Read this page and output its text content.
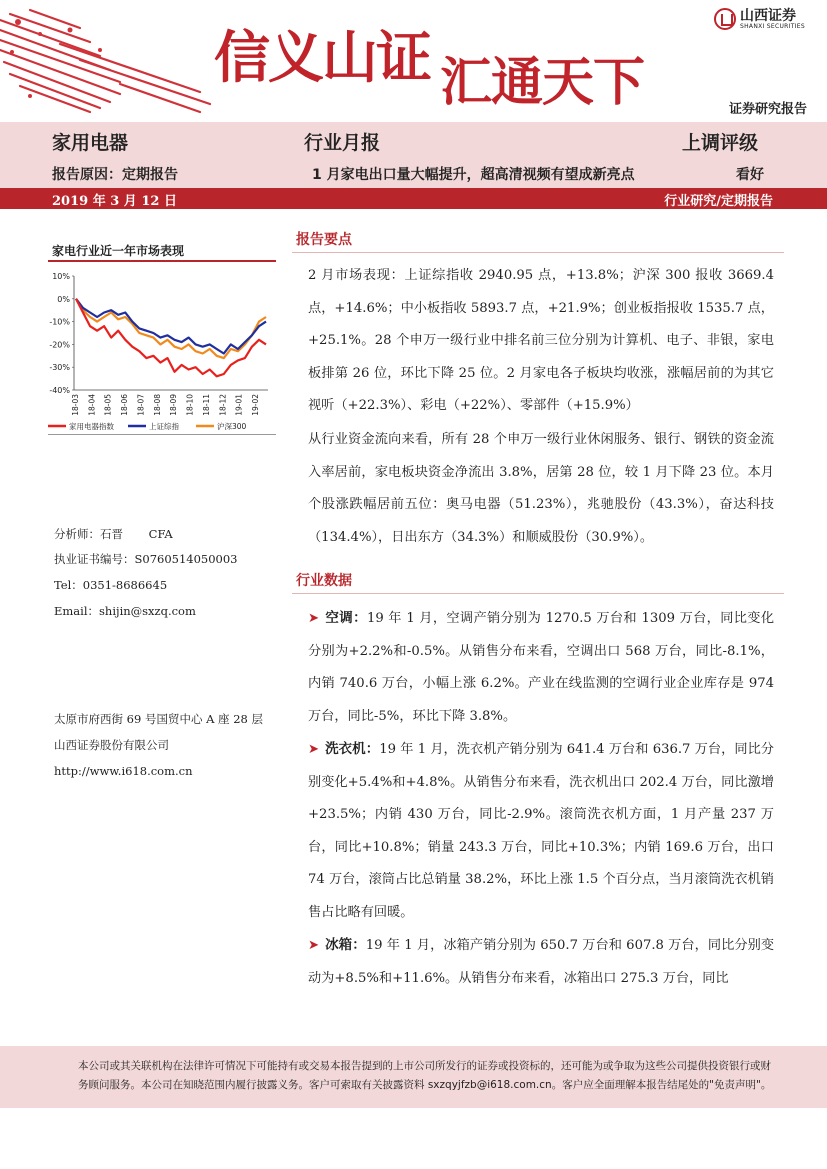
信义山证 汇通天下
山西证券
SHANXI SECURITIES
证券研究报告
家用电器	行业月报	上调评级
报告原因：定期报告	1 月家电出口量大幅提升，超高清视频有望成新亮点	看好
2019 年 3 月 12 日	行业研究/定期报告
家电行业近一年市场表现
10%
0%
-10%
-20%
-30%
-40%
18-03 18-04 18-05 18-06 18-07 18-08 18-09 18-10 18-11 18-12 19-01 19-02
家用电器指数	上证综指	沪深300
分析师：石晋 CFA
执业证书编号：S0760514050003
Tel：0351-8686645
Email：shijin@sxzq.com
太原市府西街 69 号国贸中心 A 座 28 层
山西证券股份有限公司
http://www.i618.com.cn
报告要点
2 月市场表现：上证综指收 2940.95 点，+13.8%；沪深 300 报收 3669.4 点，+14.6%；中小板指收 5893.7 点，+21.9%；创业板指报收 1535.7 点，+25.1%。28 个申万一级行业中排名前三位分别为计算机、电子、非银，家电板排第 26 位，环比下降 25 位。2 月家电各子板块均收涨，涨幅居前的为其它视听（+22.3%）、彩电（+22%）、零部件（+15.9%）
从行业资金流向来看，所有 28 个申万一级行业休闲服务、银行、钢铁的资金流入率居前，家电板块资金净流出 3.8%，居第 28 位，较 1 月下降 23 位。本月个股涨跌幅居前五位：奥马电器（51.23%），兆驰股份（43.3%），奋达科技（134.4%），日出东方（34.3%）和顺威股份（30.9%）。
行业数据
➤ 空调：19 年 1 月，空调产销分别为 1270.5 万台和 1309 万台，同比变化分别为+2.2%和-0.5%。从销售分布来看，空调出口 568 万台，同比-8.1%，内销 740.6 万台，小幅上涨 6.2%。产业在线监测的空调行业企业库存是 974 万台，同比-5%，环比下降 3.8%。
➤ 洗衣机：19 年 1 月，洗衣机产销分别为 641.4 万台和 636.7 万台，同比分别变化+5.4%和+4.8%。从销售分布来看，洗衣机出口 202.4 万台，同比激增+23.5%；内销 430 万台，同比-2.9%。滚筒洗衣机方面，1 月产量 237 万台，同比+10.8%；销量 243.3 万台，同比+10.3%；内销 169.6 万台，出口 74 万台，滚筒占比总销量 38.2%，环比上涨 1.5 个百分点，当月滚筒洗衣机销售占比略有回暖。
➤ 冰箱：19 年 1 月，冰箱产销分别为 650.7 万台和 607.8 万台，同比分别变动为+8.5%和+11.6%。从销售分布来看，冰箱出口 275.3 万台，同比

本公司或其关联机构在法律许可情况下可能持有或交易本报告提到的上市公司所发行的证券或投资标的，还可能为或争取为这些公司提供投资银行或财

务顾问服务。本公司在知晓范围内履行披露义务。客户可索取有关披露资料 sxzqyjfzb@i618.com.cn。客户应全面理解本报告结尾处的"免责声明"。
